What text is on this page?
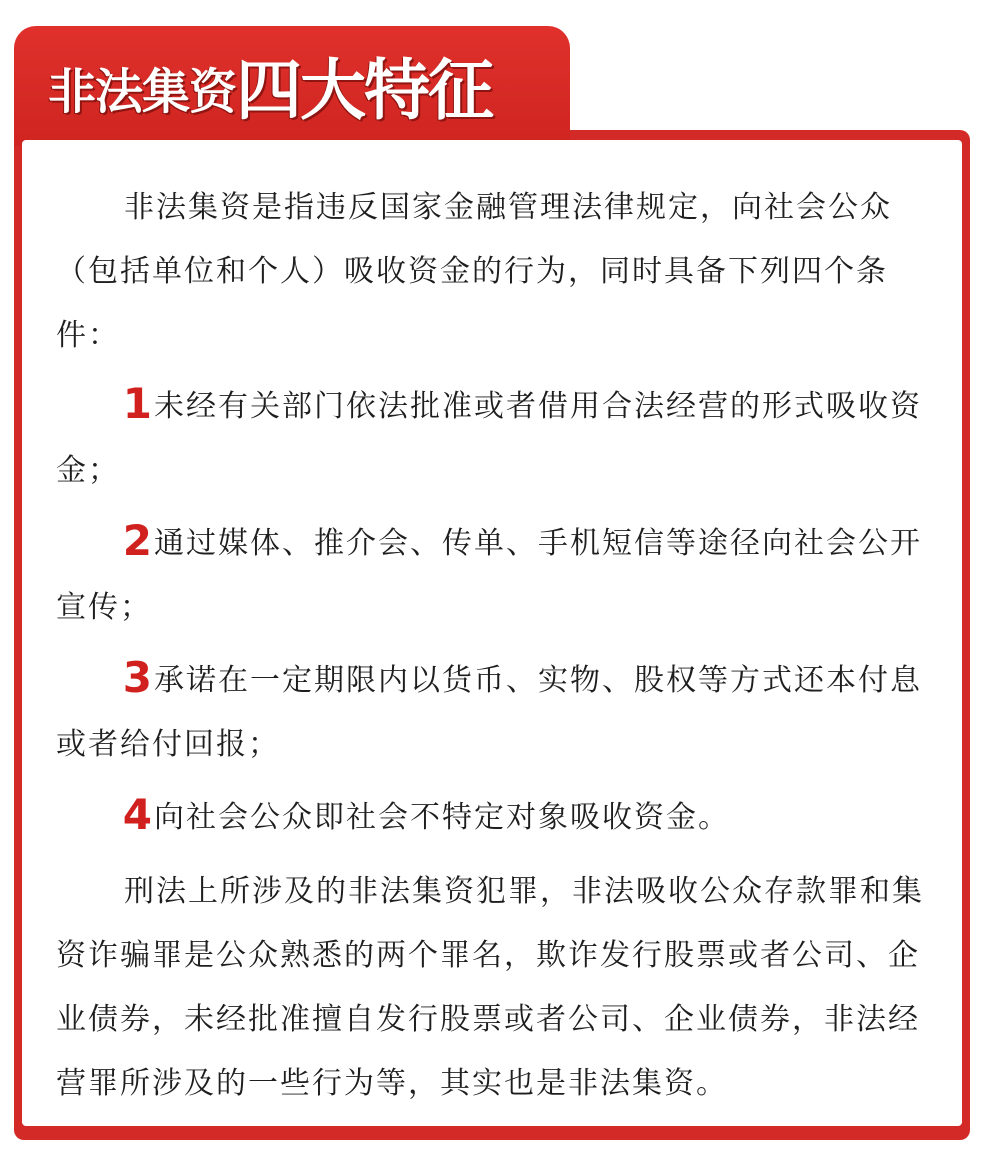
非法集资 四大特征

非法集资是指违反国家金融管理法律规定，向社会公众（包括单位和个人）吸收资金的行为，同时具备下列四个条件：

1未经有关部门依法批准或者借用合法经营的形式吸收资金；
2通过媒体、推介会、传单、手机短信等途径向社会公开宣传；
3承诺在一定期限内以货币、实物、股权等方式还本付息或者给付回报；
4向社会公众即社会不特定对象吸收资金。

刑法上所涉及的非法集资犯罪，非法吸收公众存款罪和集资诈骗罪是公众熟悉的两个罪名，欺诈发行股票或者公司、企业债券，未经批准擅自发行股票或者公司、企业债券，非法经营罪所涉及的一些行为等，其实也是非法集资。
